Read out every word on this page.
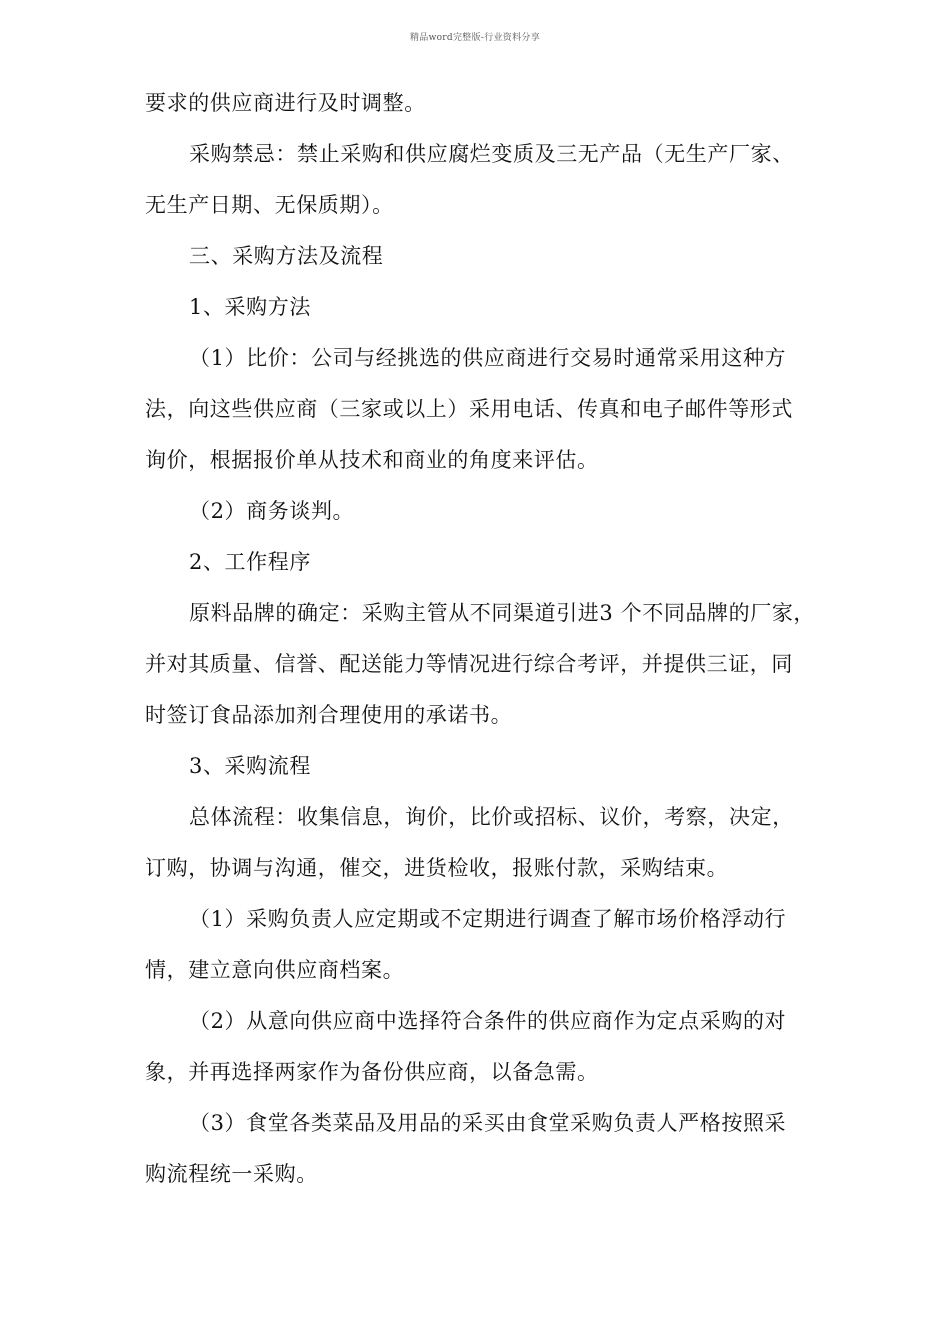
精品word完整版-行业资料分享
要求的供应商进行及时调整。
采购禁忌：禁止采购和供应腐烂变质及三无产品（无生产厂家、
无生产日期、无保质期）。
三、采购方法及流程
1、采购方法
（1）比价：公司与经挑选的供应商进行交易时通常采用这种方
法，向这些供应商（三家或以上）采用电话、传真和电子邮件等形式
询价，根据报价单从技术和商业的角度来评估。
（2）商务谈判。
2、工作程序
原料品牌的确定：采购主管从不同渠道引进3 个不同品牌的厂家，
并对其质量、信誉、配送能力等情况进行综合考评，并提供三证，同
时签订食品添加剂合理使用的承诺书。
3、采购流程
总体流程：收集信息，询价，比价或招标、议价，考察，决定，
订购，协调与沟通，催交，进货检收，报账付款，采购结束。
（1）采购负责人应定期或不定期进行调查了解市场价格浮动行
情，建立意向供应商档案。
（2）从意向供应商中选择符合条件的供应商作为定点采购的对
象，并再选择两家作为备份供应商，以备急需。
（3）食堂各类菜品及用品的采买由食堂采购负责人严格按照采
购流程统一采购。
